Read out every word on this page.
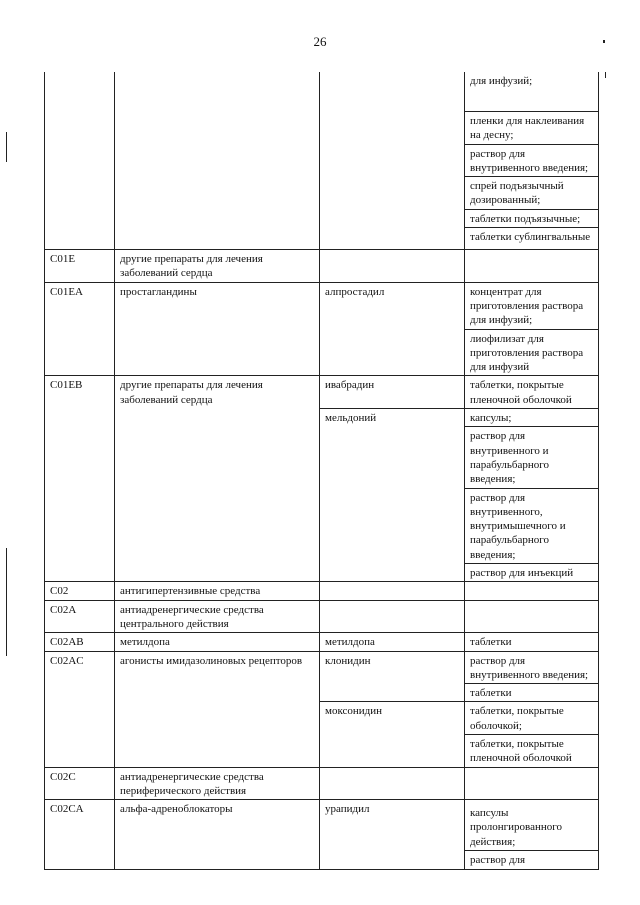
26
			для инфузий;
			пленки для наклеивания на десну;
			раствор для внутривенного введения;
			спрей подъязычный дозированный;
			таблетки подъязычные;
			таблетки сублингвальные
C01E	другие препараты для лечения заболеваний сердца		
C01EA	простагландины	алпростадил	концентрат для приготовления раствора для инфузий;
			лиофилизат для приготовления раствора для инфузий
C01EB	другие препараты для лечения заболеваний сердца	ивабрадин	таблетки, покрытые пленочной оболочкой
		мельдоний	капсулы;
			раствор для внутривенного и парабульбарного введения;
			раствор для внутривенного, внутримышечного и парабульбарного введения;
			раствор для инъекций
C02	антигипертензивные средства		
C02A	антиадренергические средства центрального действия		
C02AB	метилдопа	метилдопа	таблетки
C02AC	агонисты имидазолиновых рецепторов	клонидин	раствор для внутривенного введения;
			таблетки
		моксонидин	таблетки, покрытые оболочкой;
			таблетки, покрытые пленочной оболочкой
C02C	антиадренергические средства периферического действия		
C02CA	альфа-адреноблокаторы	урапидил	капсулы пролонгированного действия;
			раствор для
